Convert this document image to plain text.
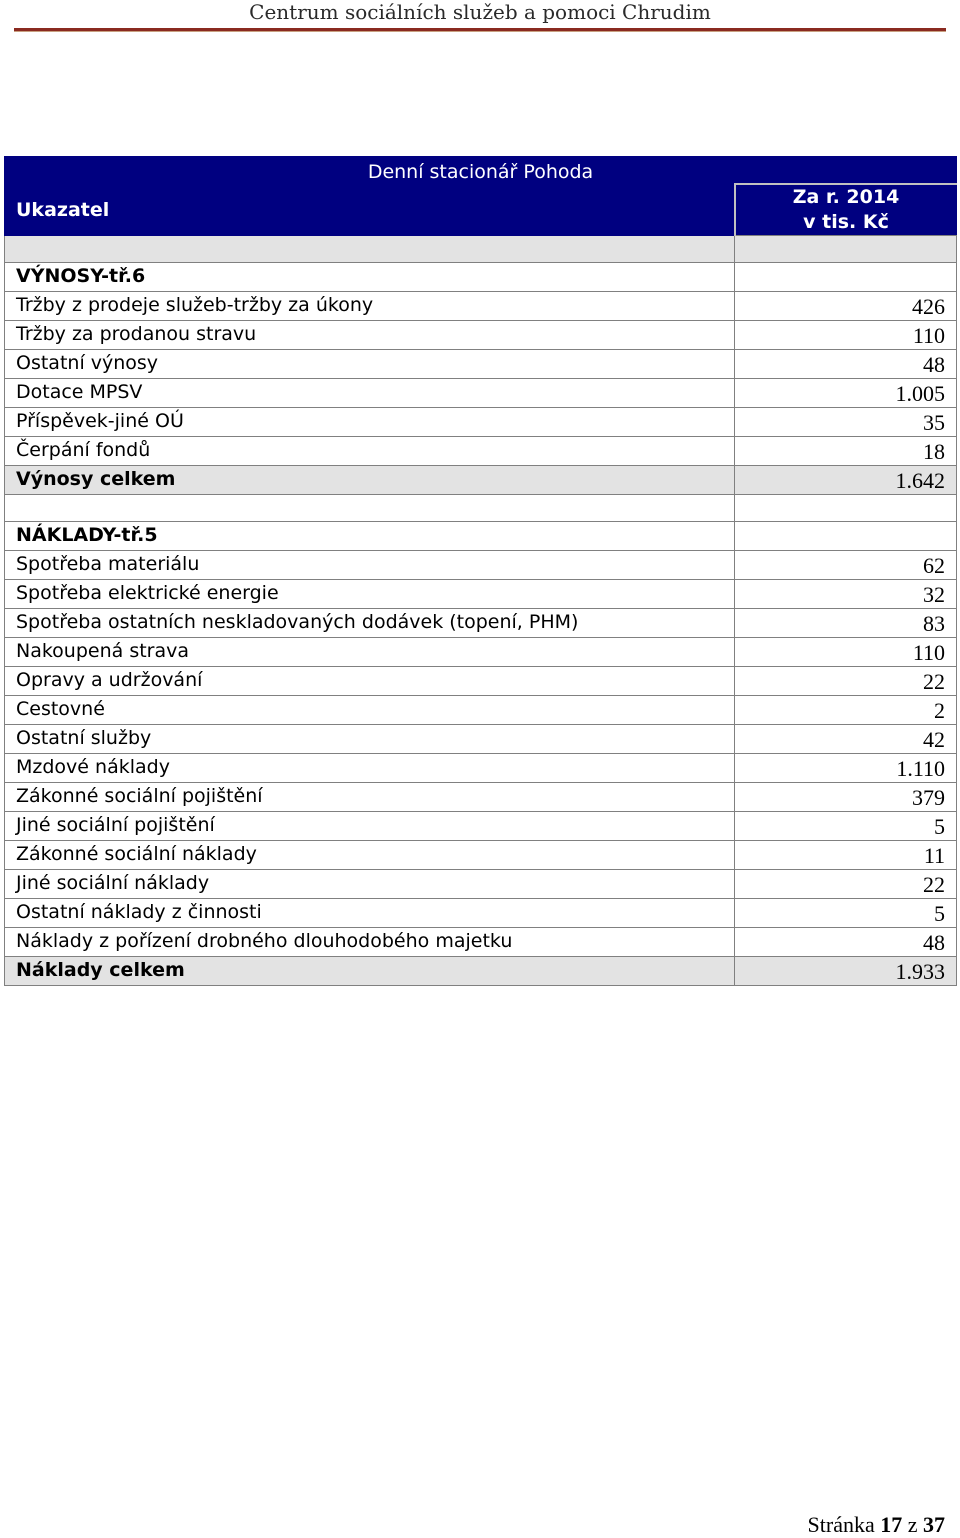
Centrum sociálních služeb a pomoci Chrudim
Denní stacionář Pohoda	
Ukazatel	Za r. 2014
v tis. Kč

VÝNOSY-tř.6	
Tržby z prodeje služeb-tržby za úkony	426
Tržby za prodanou stravu	110
Ostatní výnosy	48
Dotace MPSV	1.005
Příspěvek-jiné OÚ	35
Čerpání fondů	18
Výnosy celkem	1.642

NÁKLADY-tř.5	
Spotřeba materiálu	62
Spotřeba elektrické energie	32
Spotřeba ostatních neskladovaných dodávek (topení, PHM)	83
Nakoupená strava	110
Opravy a udržování	22
Cestovné	2
Ostatní služby	42
Mzdové náklady	1.110
Zákonné sociální pojištění	379
Jiné sociální pojištění	5
Zákonné sociální náklady	11
Jiné sociální náklady	22
Ostatní náklady z činnosti	5
Náklady z pořízení drobného dlouhodobého majetku	48
Náklady celkem	1.933
Stránka 17 z 37
